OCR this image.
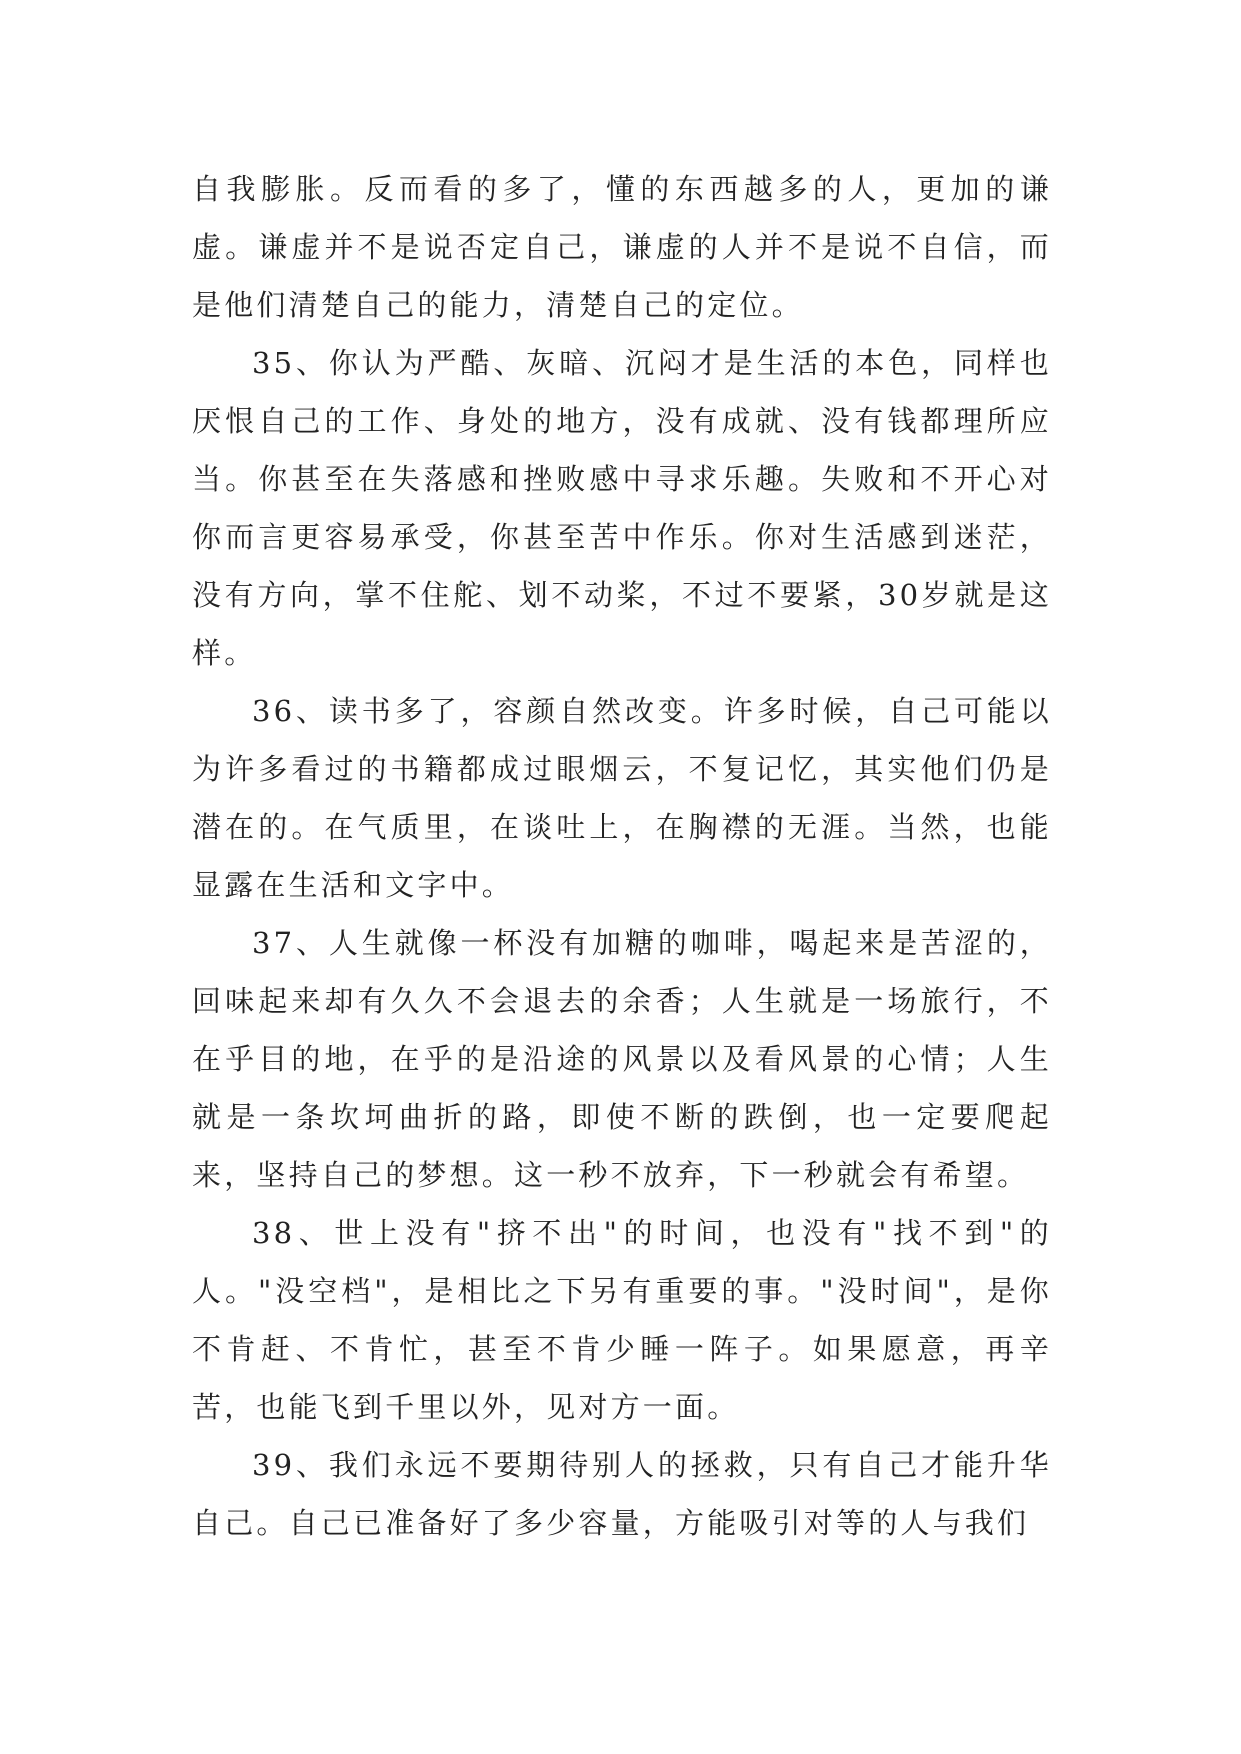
自我膨胀。反而看的多了，懂的东西越多的人，更加的谦虚。谦虚并不是说否定自己，谦虚的人并不是说不自信，而是他们清楚自己的能力，清楚自己的定位。

35、你认为严酷、灰暗、沉闷才是生活的本色，同样也厌恨自己的工作、身处的地方，没有成就、没有钱都理所应当。你甚至在失落感和挫败感中寻求乐趣。失败和不开心对你而言更容易承受，你甚至苦中作乐。你对生活感到迷茫，没有方向，掌不住舵、划不动桨，不过不要紧，30岁就是这样。

36、读书多了，容颜自然改变。许多时候，自己可能以为许多看过的书籍都成过眼烟云，不复记忆，其实他们仍是潜在的。在气质里，在谈吐上，在胸襟的无涯。当然，也能显露在生活和文字中。

37、人生就像一杯没有加糖的咖啡，喝起来是苦涩的，回味起来却有久久不会退去的余香；人生就是一场旅行，不在乎目的地，在乎的是沿途的风景以及看风景的心情；人生就是一条坎坷曲折的路，即使不断的跌倒，也一定要爬起来，坚持自己的梦想。这一秒不放弃，下一秒就会有希望。

38、世上没有"挤不出"的时间，也没有"找不到"的人。"没空档"，是相比之下另有重要的事。"没时间"，是你不肯赶、不肯忙，甚至不肯少睡一阵子。如果愿意，再辛苦，也能飞到千里以外，见对方一面。

39、我们永远不要期待别人的拯救，只有自己才能升华自己。自己已准备好了多少容量，方能吸引对等的人与我们
